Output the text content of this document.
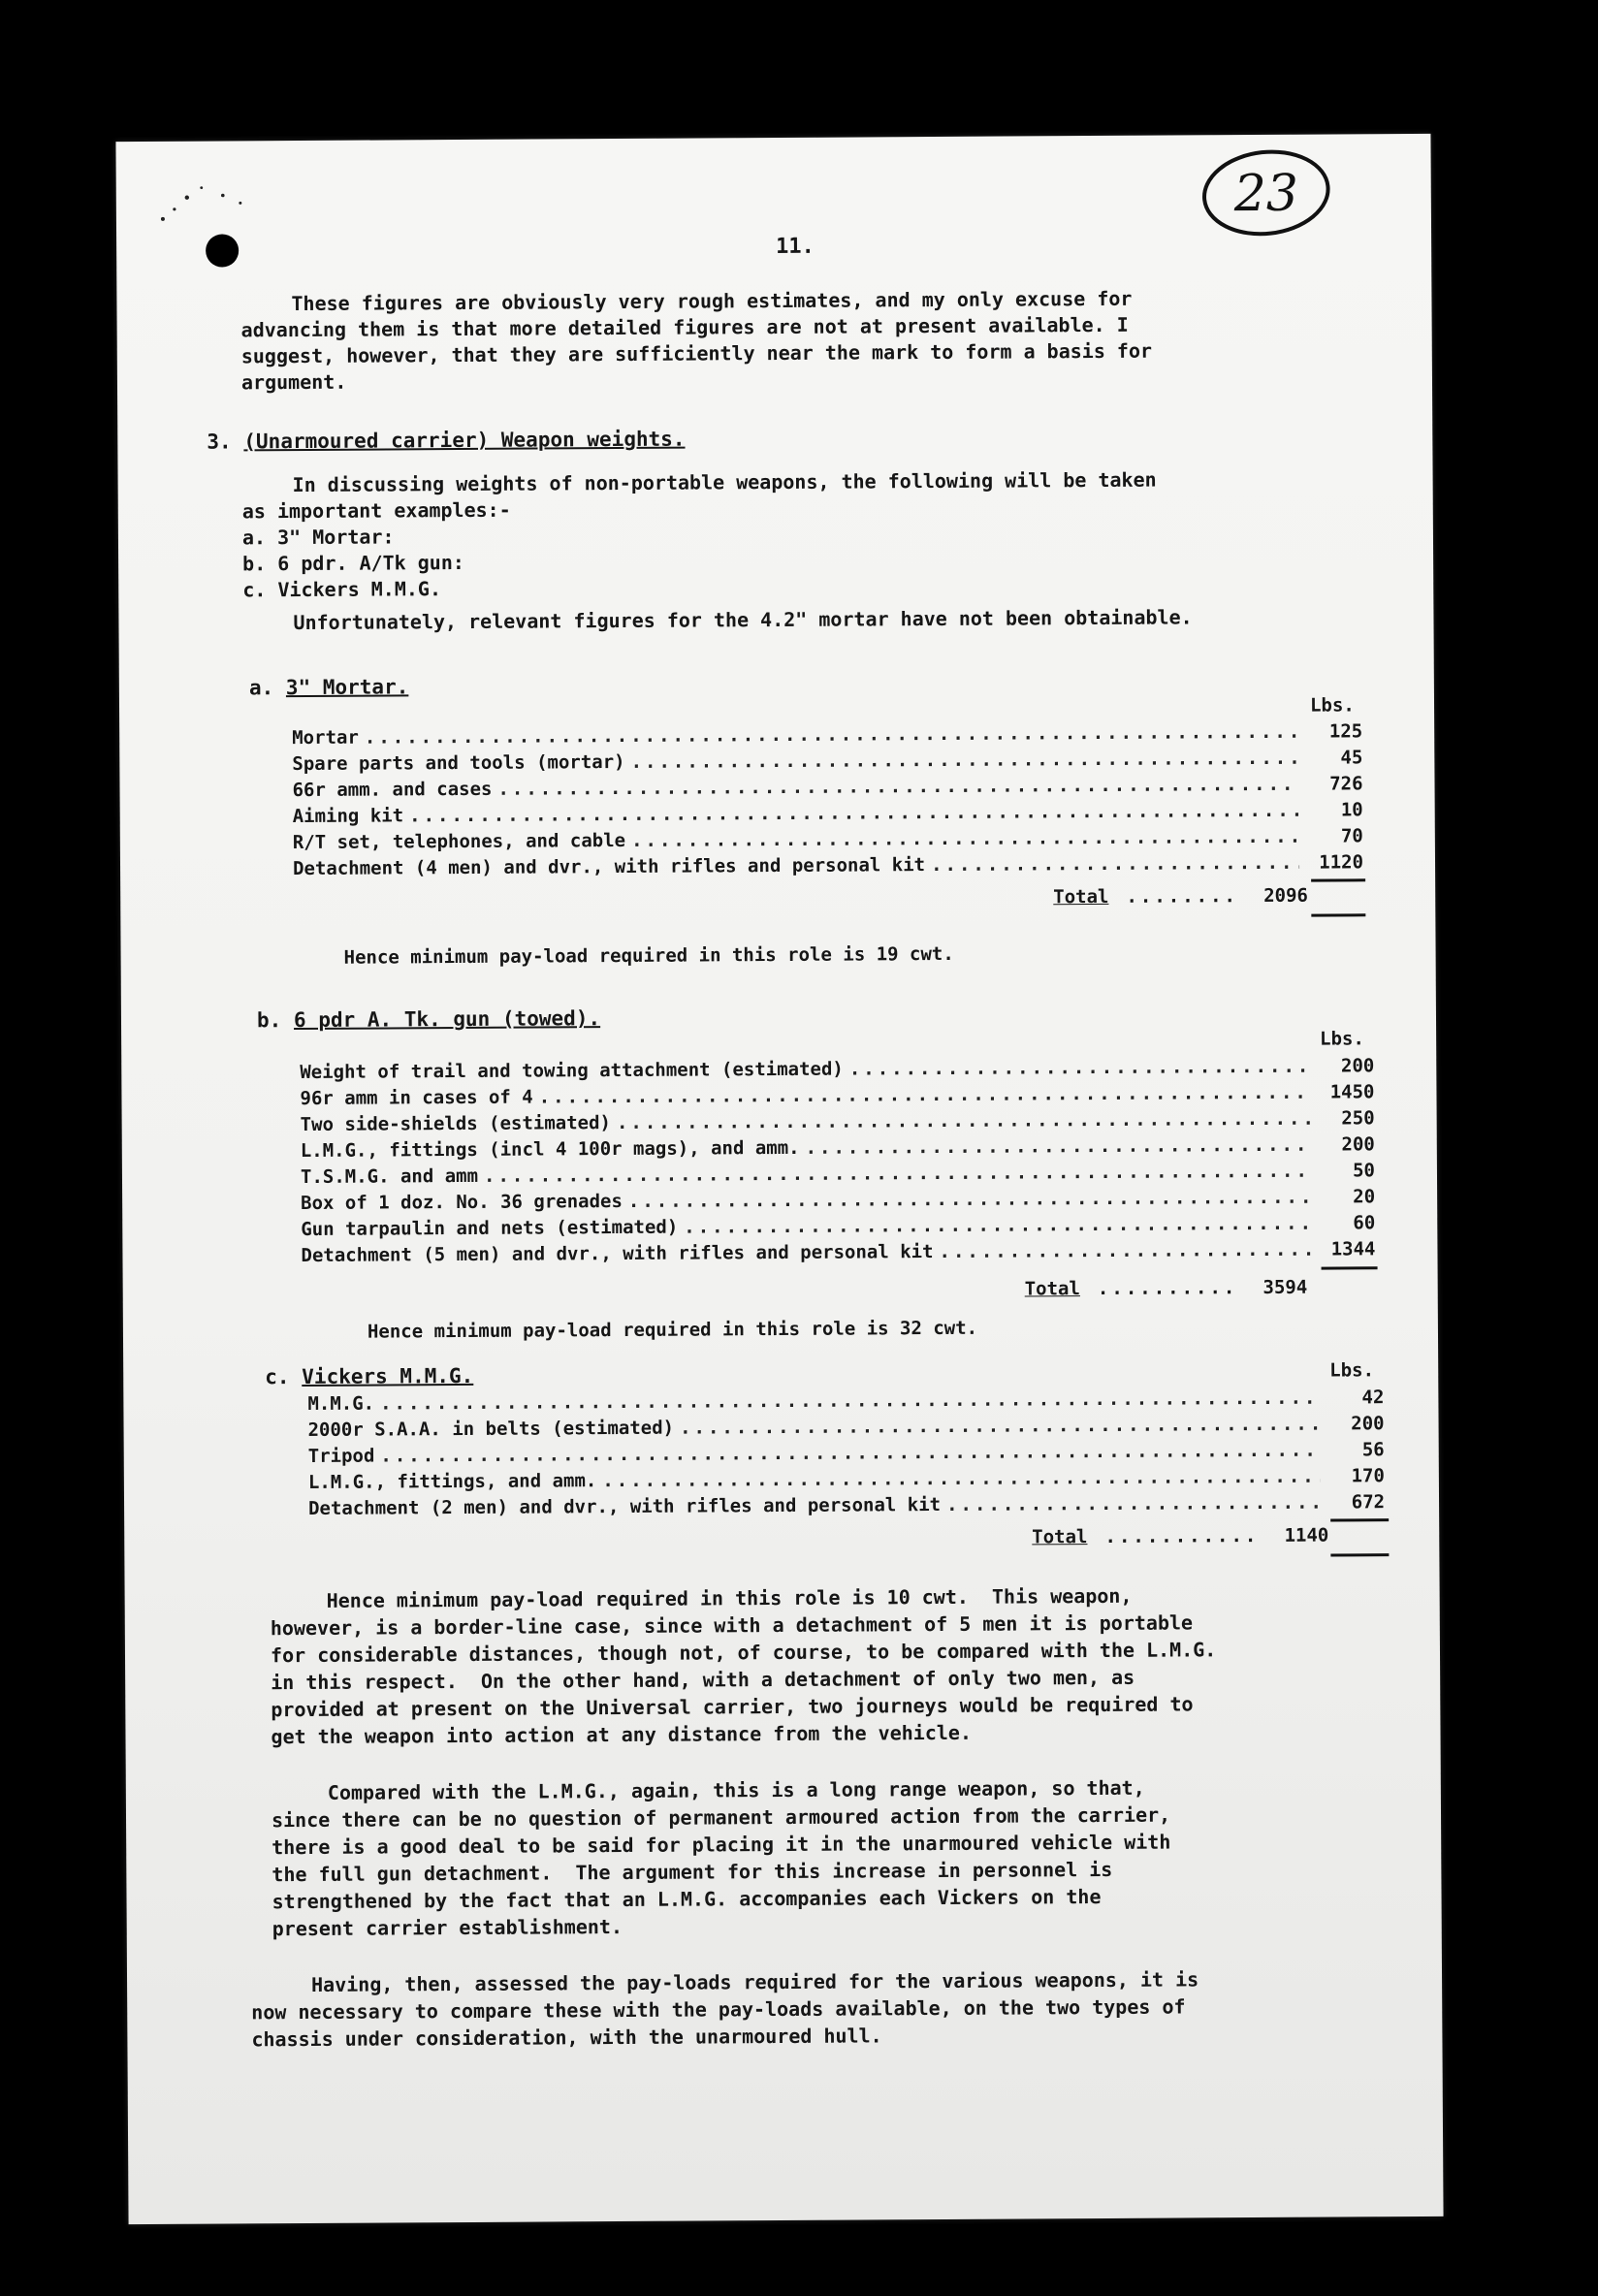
23
11.
These figures are obviously very rough estimates, and my only excuse for
advancing them is that more detailed figures are not at present available. I
suggest, however, that they are sufficiently near the mark to form a basis for
argument.
3. (Unarmoured carrier) Weapon weights.
In discussing weights of non-portable weapons, the following will be taken
as important examples:-
a. 3" Mortar:
b. 6 pdr. A/Tk gun:
c. Vickers M.M.G.
Unfortunately, relevant figures for the 4.2" mortar have not been obtainable.
a. 3" Mortar.
Lbs.
Mortar .....	125
Spare parts and tools (mortar) .....	45
66r amm. and cases .....	726
Aiming kit .....	10
R/T set, telephones, and cable .....	70
Detachment (4 men) and dvr., with rifles and personal kit .....	1120
Total ........	2096
Hence minimum pay-load required in this role is 19 cwt.
b. 6 pdr A. Tk. gun (towed).
Lbs.
Weight of trail and towing attachment (estimated) .....	200
96r amm in cases of 4 .....	1450
Two side-shields (estimated) .....	250
L.M.G., fittings (incl 4 100r mags), and amm. .....	200
T.S.M.G. and amm .....	50
Box of 1 doz. No. 36 grenades .....	20
Gun tarpaulin and nets (estimated) .....	60
Detachment (5 men) and dvr., with rifles and personal kit .....	1344
Total ..........	3594
Hence minimum pay-load required in this role is 32 cwt.
c. Vickers M.M.G.	Lbs.
M.M.G. .....	42
2000r S.A.A. in belts (estimated) .....	200
Tripod .....	56
L.M.G., fittings, and amm. .....	170
Detachment (2 men) and dvr., with rifles and personal kit .....	672
Total ...........	1140
Hence minimum pay-load required in this role is 10 cwt.  This weapon,
however, is a border-line case, since with a detachment of 5 men it is portable
for considerable distances, though not, of course, to be compared with the L.M.G.
in this respect.  On the other hand, with a detachment of only two men, as
provided at present on the Universal carrier, two journeys would be required to
get the weapon into action at any distance from the vehicle.
Compared with the L.M.G., again, this is a long range weapon, so that,
since there can be no question of permanent armoured action from the carrier,
there is a good deal to be said for placing it in the unarmoured vehicle with
the full gun detachment.  The argument for this increase in personnel is
strengthened by the fact that an L.M.G. accompanies each Vickers on the
present carrier establishment.
Having, then, assessed the pay-loads required for the various weapons, it is
now necessary to compare these with the pay-loads available, on the two types of
chassis under consideration, with the unarmoured hull.
